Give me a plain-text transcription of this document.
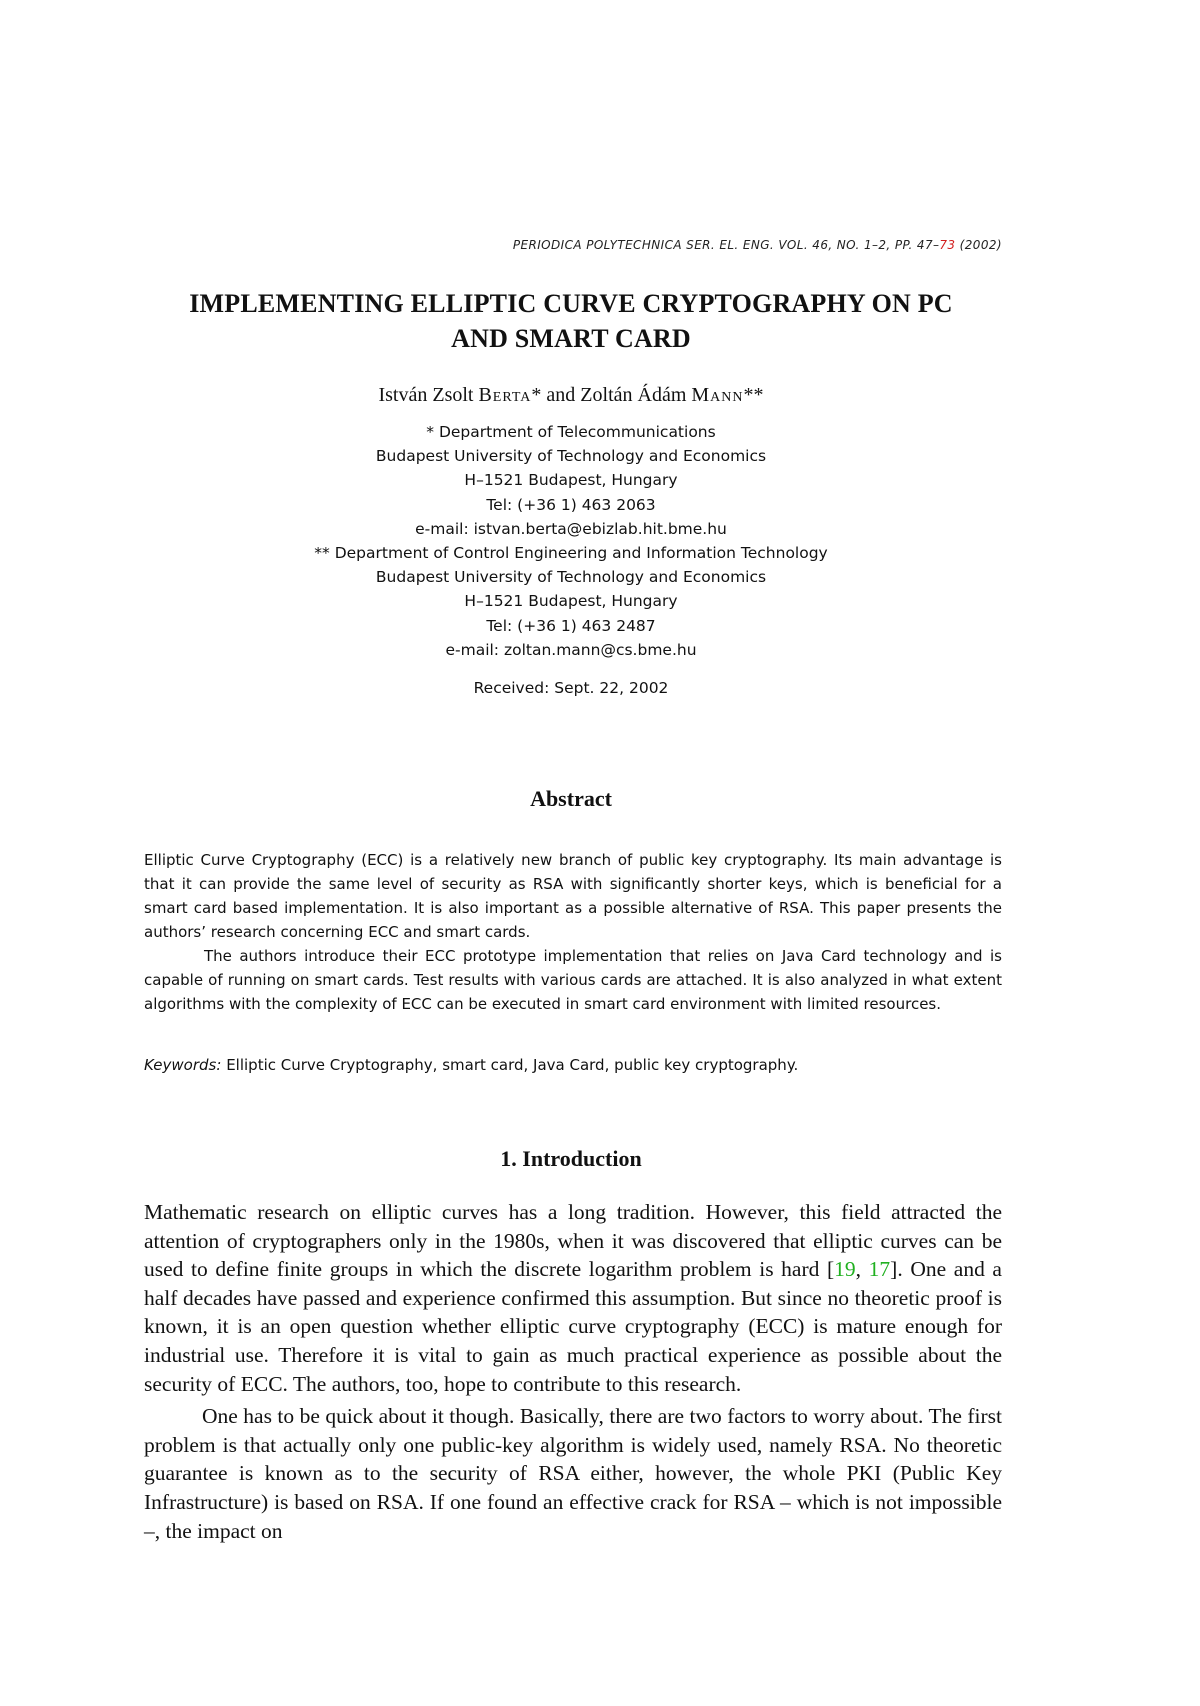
PERIODICA POLYTECHNICA SER. EL. ENG. VOL. 46, NO. 1–2, PP. 47–73 (2002)
IMPLEMENTING ELLIPTIC CURVE CRYPTOGRAPHY ON PC
AND SMART CARD
István Zsolt Berta* and Zoltán Ádám Mann**
* Department of Telecommunications
Budapest University of Technology and Economics
H–1521 Budapest, Hungary
Tel: (+36 1) 463 2063
e-mail: istvan.berta@ebizlab.hit.bme.hu
** Department of Control Engineering and Information Technology
Budapest University of Technology and Economics
H–1521 Budapest, Hungary
Tel: (+36 1) 463 2487
e-mail: zoltan.mann@cs.bme.hu
Received: Sept. 22, 2002
Abstract

Elliptic Curve Cryptography (ECC) is a relatively new branch of public key cryptography. Its main advantage is that it can provide the same level of security as RSA with significantly shorter keys, which is beneficial for a smart card based implementation. It is also important as a possible alternative of RSA. This paper presents the authors’ research concerning ECC and smart cards.

The authors introduce their ECC prototype implementation that relies on Java Card technology and is capable of running on smart cards. Test results with various cards are attached. It is also analyzed in what extent algorithms with the complexity of ECC can be executed in smart card environment with limited resources.

Keywords: Elliptic Curve Cryptography, smart card, Java Card, public key cryptography.

1. Introduction

Mathematic research on elliptic curves has a long tradition. However, this field attracted the attention of cryptographers only in the 1980s, when it was discovered that elliptic curves can be used to define finite groups in which the discrete logarithm problem is hard [19, 17]. One and a half decades have passed and experience confirmed this assumption. But since no theoretic proof is known, it is an open question whether elliptic curve cryptography (ECC) is mature enough for industrial use. Therefore it is vital to gain as much practical experience as possible about the security of ECC. The authors, too, hope to contribute to this research.

One has to be quick about it though. Basically, there are two factors to worry about. The first problem is that actually only one public-key algorithm is widely used, namely RSA. No theoretic guarantee is known as to the security of RSA either, however, the whole PKI (Public Key Infrastructure) is based on RSA. If one found an effective crack for RSA – which is not impossible –, the impact on
